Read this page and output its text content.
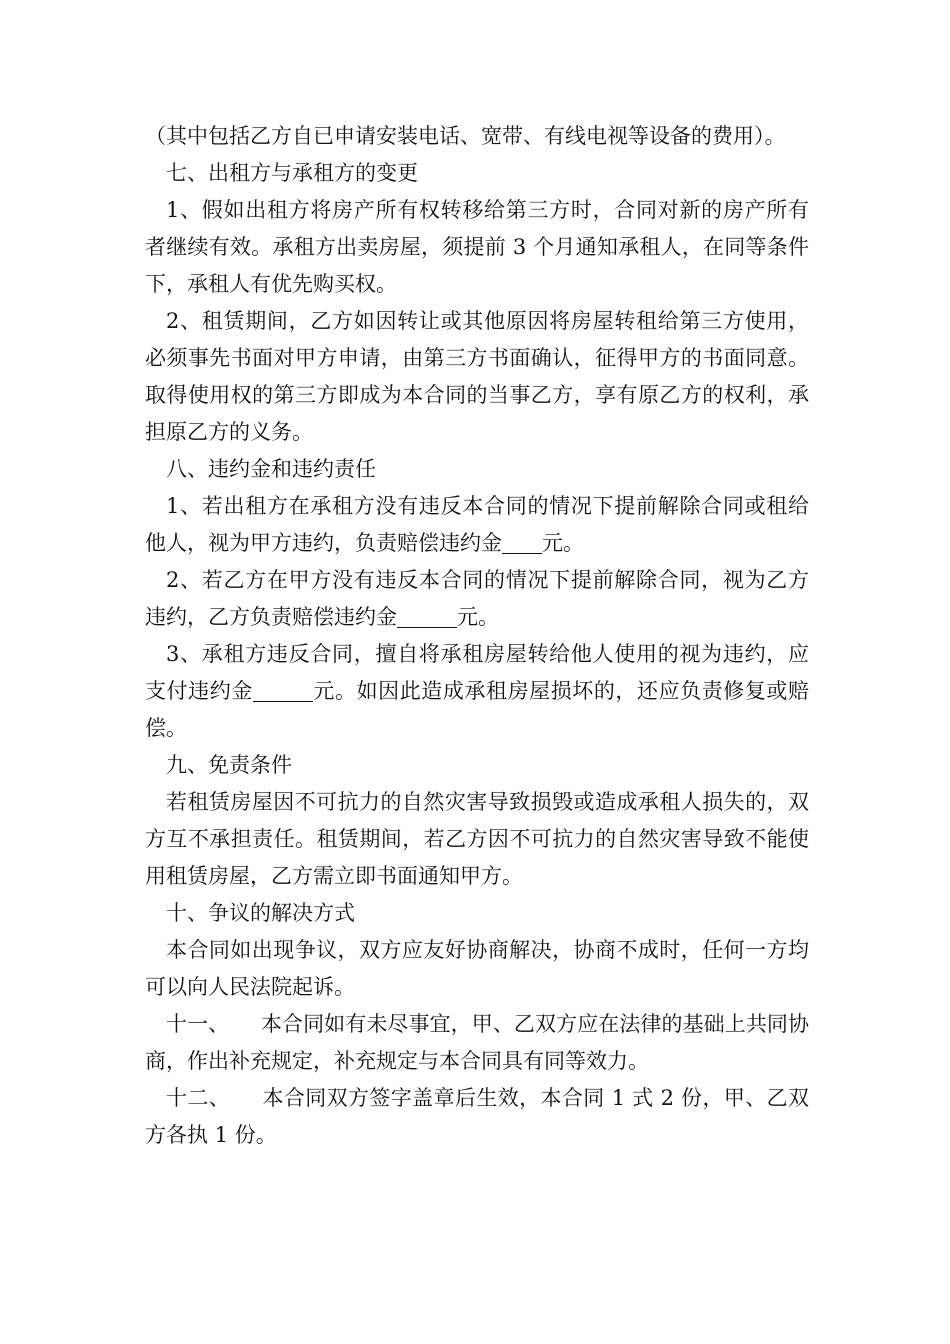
（其中包括乙方自已申请安装电话、宽带、有线电视等设备的费用）。

七、出租方与承租方的变更

1、假如出租方将房产所有权转移给第三方时，合同对新的房产所有者继续有效。承租方出卖房屋，须提前 3 个月通知承租人，在同等条件下，承租人有优先购买权。

2、租赁期间，乙方如因转让或其他原因将房屋转租给第三方使用，必须事先书面对甲方申请，由第三方书面确认，征得甲方的书面同意。取得使用权的第三方即成为本合同的当事乙方，享有原乙方的权利，承担原乙方的义务。

八、违约金和违约责任

1、若出租方在承租方没有违反本合同的情况下提前解除合同或租给他人，视为甲方违约，负责赔偿违约金 元。

2、若乙方在甲方没有违反本合同的情况下提前解除合同，视为乙方违约，乙方负责赔偿违约金	元。

3、承租方违反合同，擅自将承租房屋转给他人使用的视为违约，应支付违约金	元。如因此造成承租房屋损坏的，还应负责修复或赔偿。

九、免责条件

若租赁房屋因不可抗力的自然灾害导致损毁或造成承租人损失的，双方互不承担责任。租赁期间，若乙方因不可抗力的自然灾害导致不能使用租赁房屋，乙方需立即书面通知甲方。

十、争议的解决方式

本合同如出现争议，双方应友好协商解决，协商不成时，任何一方均可以向人民法院起诉。

十一、　　本合同如有未尽事宜，甲、乙双方应在法律的基础上共同协商，作出补充规定，补充规定与本合同具有同等效力。

十二、　　本合同双方签字盖章后生效，本合同 1 式 2 份，甲、乙双方各执 1 份。
